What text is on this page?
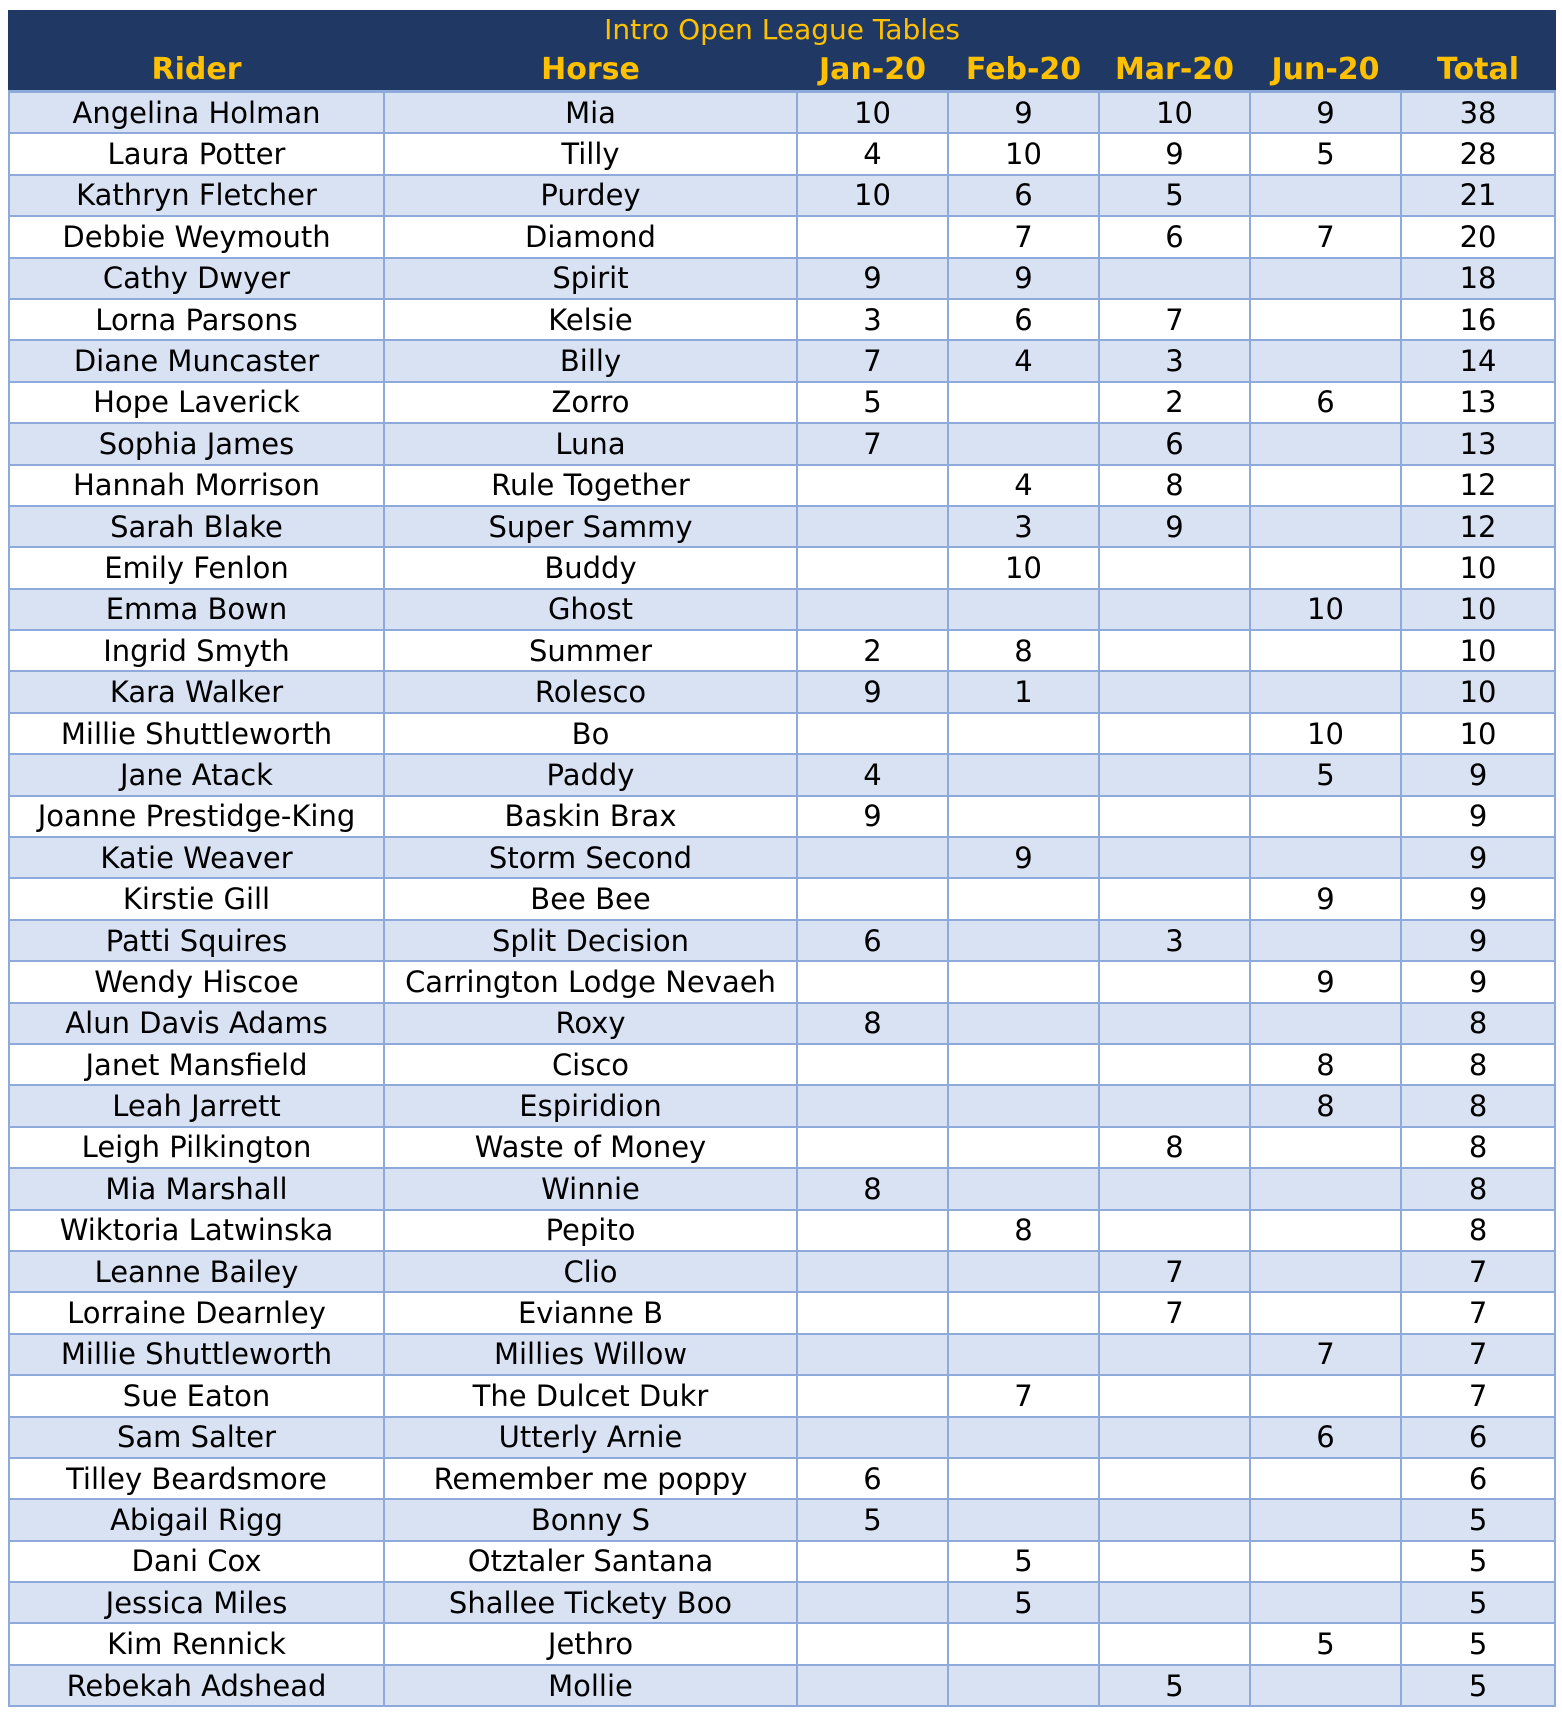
Intro Open League Tables						
Rider	Horse	Jan-20	Feb-20	Mar-20	Jun-20	Total
Angelina Holman	Mia	10	9	10	9	38
Laura Potter	Tilly	4	10	9	5	28
Kathryn Fletcher	Purdey	10	6	5		21
Debbie Weymouth	Diamond		7	6	7	20
Cathy Dwyer	Spirit	9	9			18
Lorna Parsons	Kelsie	3	6	7		16
Diane Muncaster	Billy	7	4	3		14
Hope Laverick	Zorro	5		2	6	13
Sophia James	Luna	7		6		13
Hannah Morrison	Rule Together		4	8		12
Sarah Blake	Super Sammy		3	9		12
Emily Fenlon	Buddy		10			10
Emma Bown	Ghost				10	10
Ingrid Smyth	Summer	2	8			10
Kara Walker	Rolesco	9	1			10
Millie Shuttleworth	Bo				10	10
Jane Atack	Paddy	4			5	9
Joanne Prestidge-King	Baskin Brax	9				9
Katie Weaver	Storm Second		9			9
Kirstie Gill	Bee Bee				9	9
Patti Squires	Split Decision	6		3		9
Wendy Hiscoe	Carrington Lodge Nevaeh				9	9
Alun Davis Adams	Roxy	8				8
Janet Mansfield	Cisco				8	8
Leah Jarrett	Espiridion				8	8
Leigh Pilkington	Waste of Money			8		8
Mia Marshall	Winnie	8				8
Wiktoria Latwinska	Pepito		8			8
Leanne Bailey	Clio			7		7
Lorraine Dearnley	Evianne B			7		7
Millie Shuttleworth	Millies Willow				7	7
Sue Eaton	The Dulcet Dukr		7			7
Sam Salter	Utterly Arnie				6	6
Tilley Beardsmore	Remember me poppy	6				6
Abigail Rigg	Bonny S	5				5
Dani Cox	Otztaler Santana		5			5
Jessica Miles	Shallee Tickety Boo		5			5
Kim Rennick	Jethro				5	5
Rebekah Adshead	Mollie			5		5
